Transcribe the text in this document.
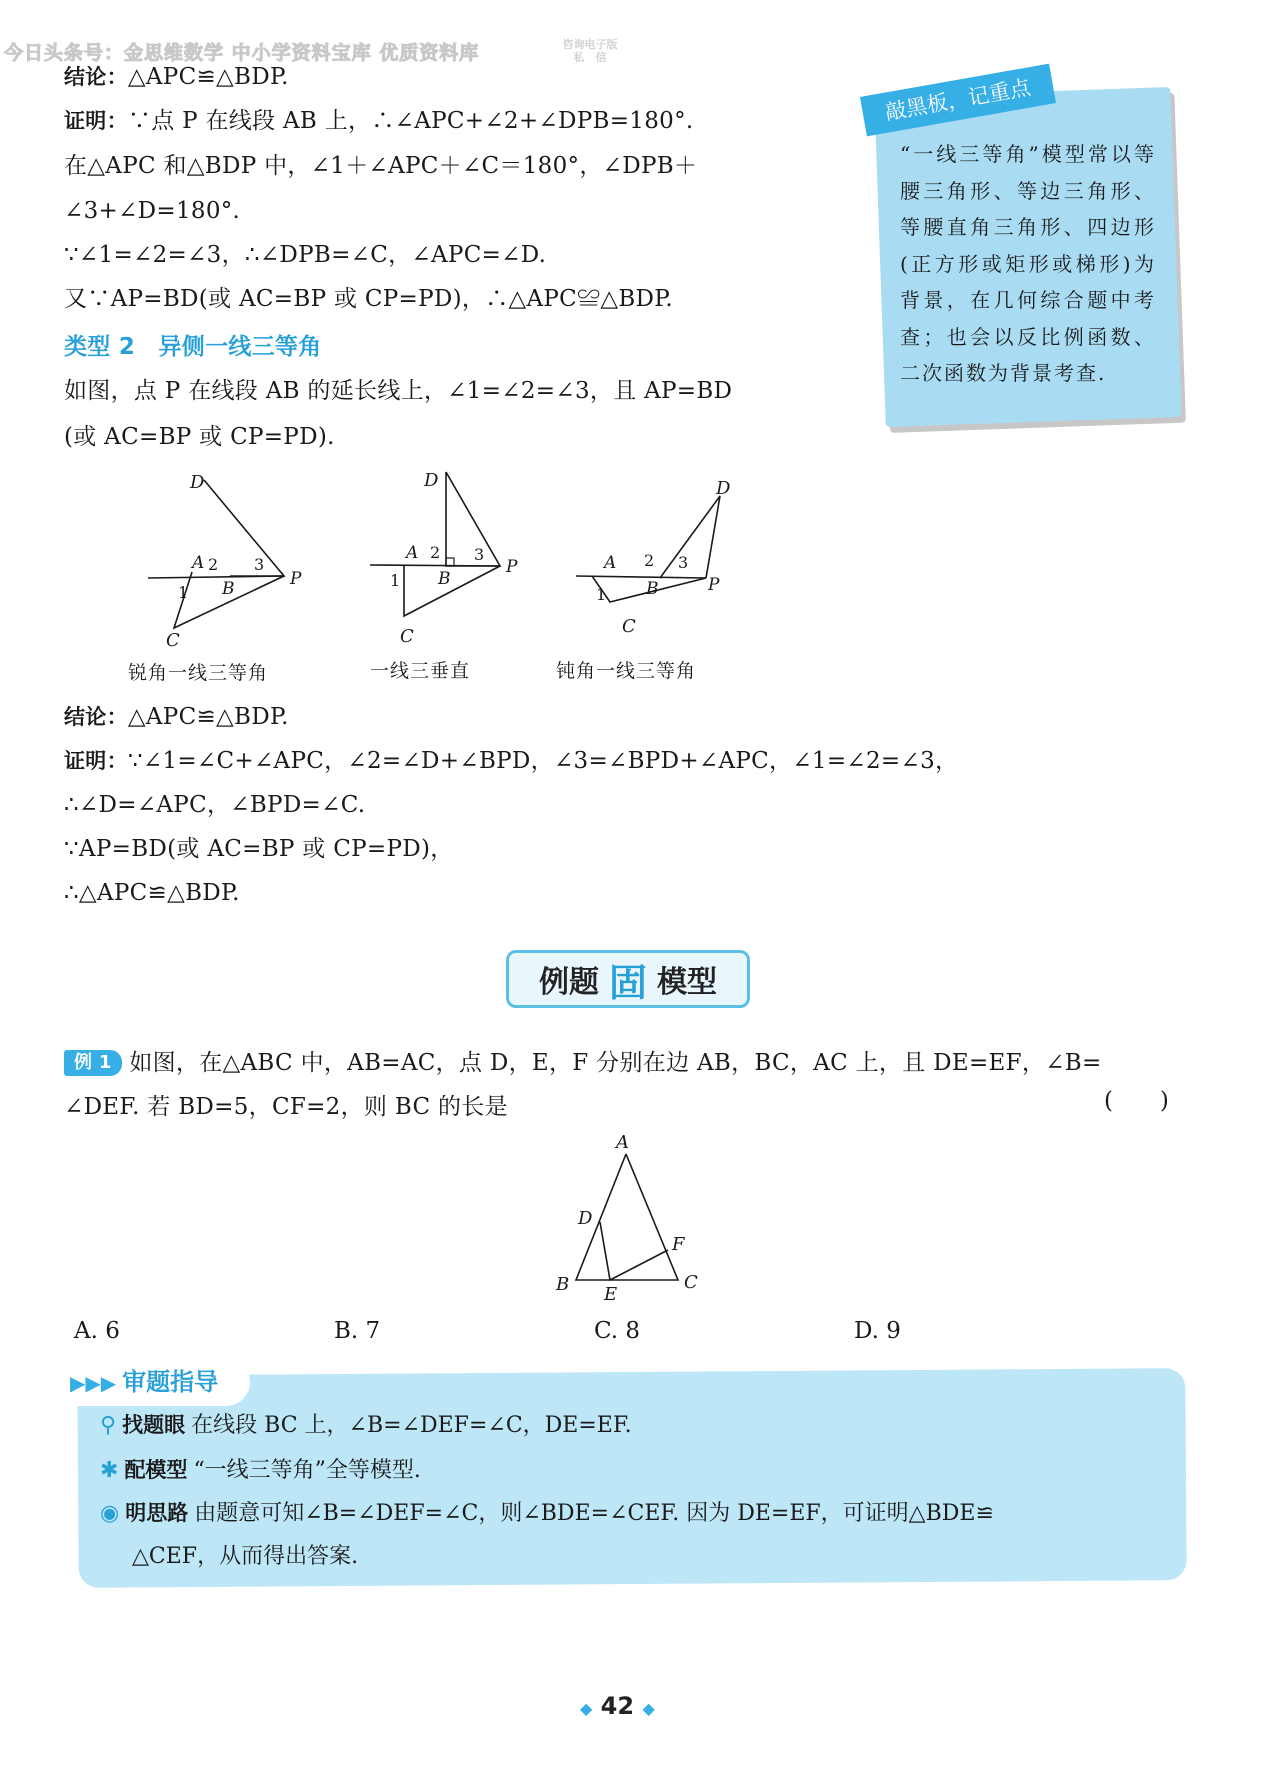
今日头条号：金思维数学 中小学资料宝库 优质资料库	咨询电子版
私　信
结论：△APC≌△BDP.
证明：∵点 P 在线段 AB 上，∴∠APC+∠2+∠DPB=180°.
在△APC 和△BDP 中，∠1＋∠APC＋∠C＝180°，∠DPB＋
∠3+∠D=180°.
∵∠1=∠2=∠3，∴∠DPB=∠C，∠APC=∠D.
又∵AP=BD(或 AC=BP 或 CP=PD)，∴△APC≌△BDP.
类型 2　异侧一线三等角
如图，点 P 在线段 AB 的延长线上，∠1=∠2=∠3，且 AP=BD
(或 AC=BP 或 CP=PD).
敲黑板，记重点
“一线三等角”模型常以等腰三角形、等边三角形、等腰直角三角形、四边形(正方形或矩形或梯形)为背景，在几何综合题中考查；也会以反比例函数、二次函数为背景考查.
D
A 2 3
B	P
1
C
D
A 2 3
B
P
1
C
D
A 2 3
B	P
1
C
锐角一线三等角	一线三垂直	钝角一线三等角
结论：△APC≌△BDP.
证明：∵∠1=∠C+∠APC，∠2=∠D+∠BPD，∠3=∠BPD+∠APC，∠1=∠2=∠3，
∴∠D=∠APC，∠BPD=∠C.
∵AP=BD(或 AC=BP 或 CP=PD)，
∴△APC≌△BDP.
例题 固 模型
例 1 如图，在△ABC 中，AB=AC，点 D，E，F 分别在边 AB，BC，AC 上，且 DE=EF，∠B=
∠DEF. 若 BD=5，CF=2，则 BC 的长是	(　　)
A
D
F
B E
C
A. 6	B. 7	C. 8	D. 9
▶▶▶ 审题指导
⚲ 找题眼 在线段 BC 上，∠B=∠DEF=∠C，DE=EF.
✱ 配模型 “一线三等角”全等模型.
◉ 明思路 由题意可知∠B=∠DEF=∠C，则∠BDE=∠CEF. 因为 DE=EF，可证明△BDE≌
△CEF，从而得出答案.
◆ 42 ◆
